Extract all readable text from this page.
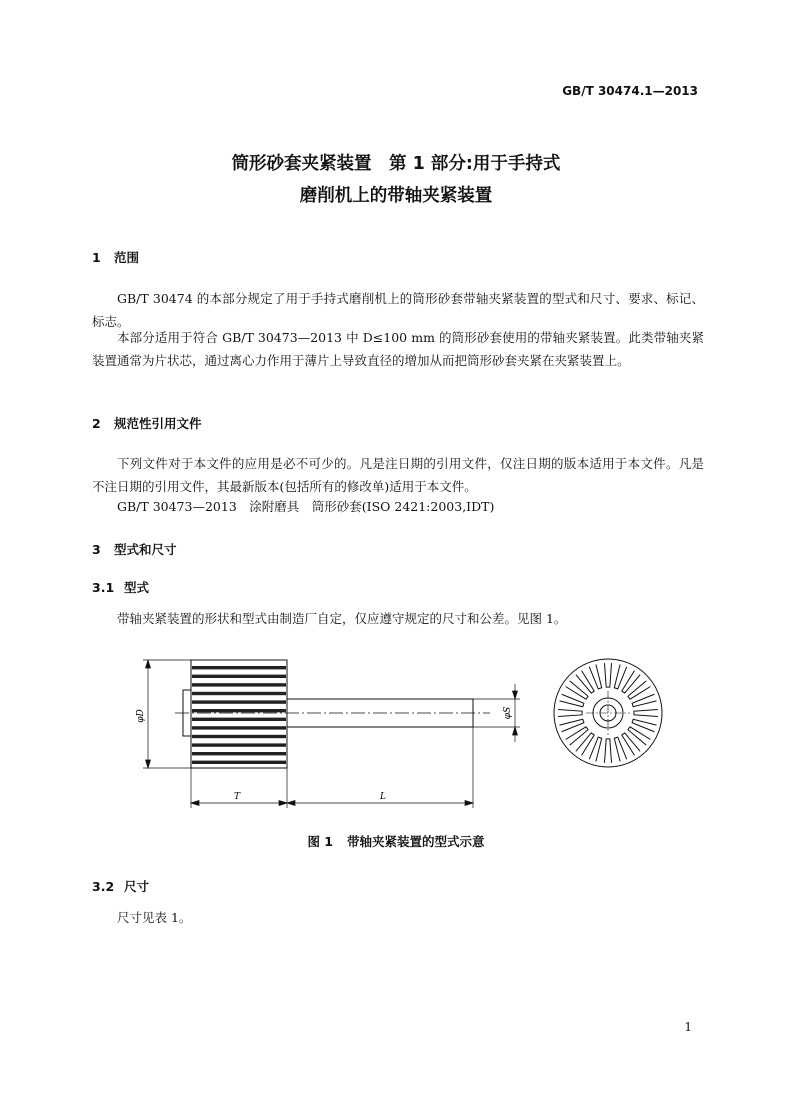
GB/T 30474.1—2013
筒形砂套夹紧装置　第 1 部分:用于手持式
磨削机上的带轴夹紧装置
1 范围
GB/T 30474 的本部分规定了用于手持式磨削机上的筒形砂套带轴夹紧装置的型式和尺寸、要求、标记、标志。
本部分适用于符合 GB/T 30473—2013 中 D≤100 mm 的筒形砂套使用的带轴夹紧装置。此类带轴夹紧装置通常为片状芯，通过离心力作用于薄片上导致直径的增加从而把筒形砂套夹紧在夹紧装置上。
2 规范性引用文件
下列文件对于本文件的应用是必不可少的。凡是注日期的引用文件，仅注日期的版本适用于本文件。凡是不注日期的引用文件，其最新版本(包括所有的修改单)适用于本文件。
GB/T 30473—2013　涂附磨具　筒形砂套(ISO 2421:2003,IDT)
3 型式和尺寸
3.1 型式
带轴夹紧装置的形状和型式由制造厂自定，仅应遵守规定的尺寸和公差。见图 1。
φD	φS
T	L
图 1 带轴夹紧装置的型式示意
3.2 尺寸
尺寸见表 1。
1
